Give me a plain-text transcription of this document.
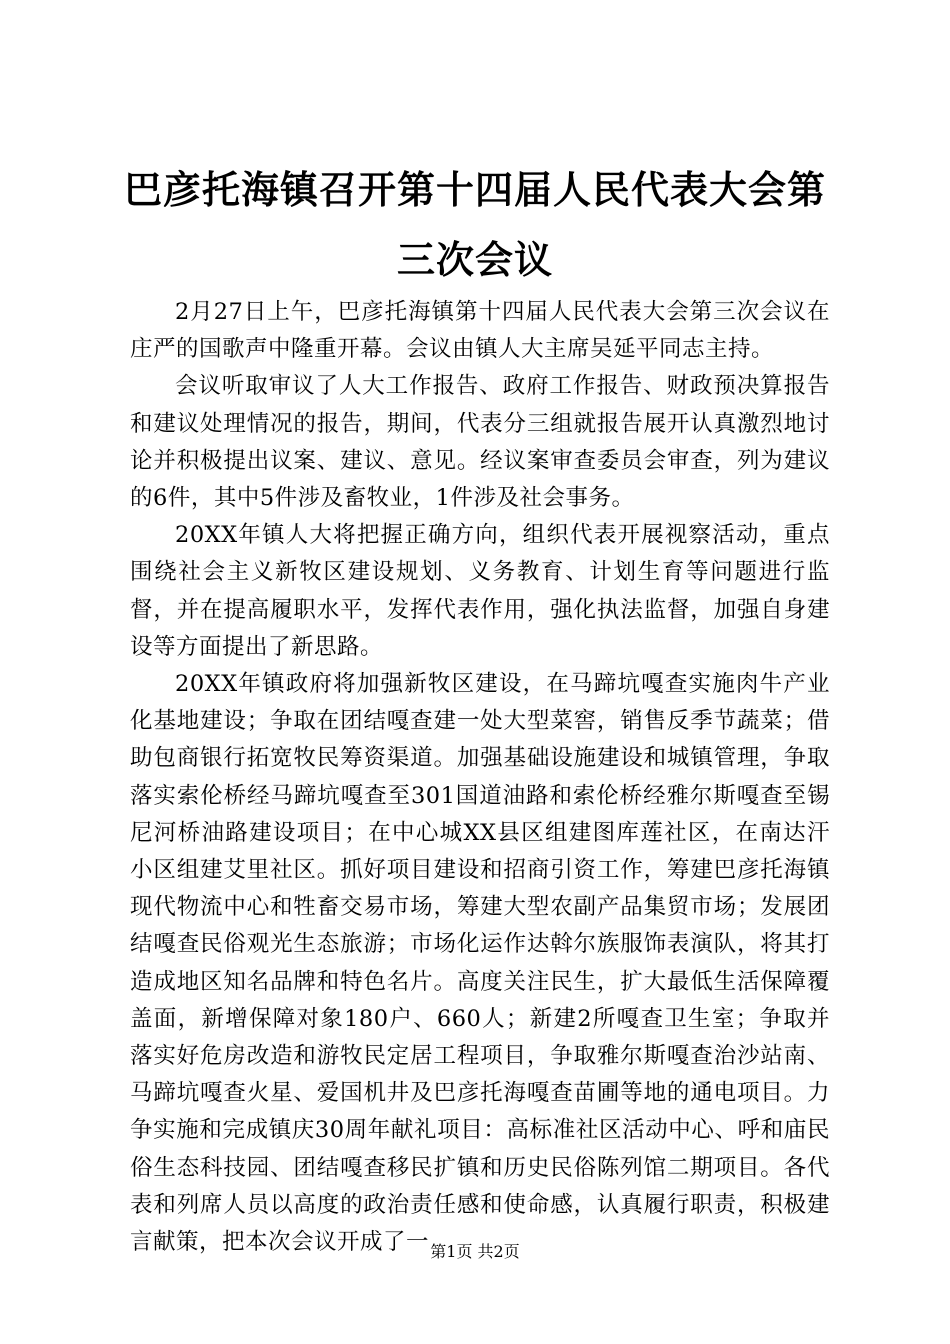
巴彦托海镇召开第十四届人民代表大会第三次会议

2月27日上午，巴彦托海镇第十四届人民代表大会第三次会议在庄严的国歌声中隆重开幕。会议由镇人大主席吴延平同志主持。

会议听取审议了人大工作报告、政府工作报告、财政预决算报告和建议处理情况的报告，期间，代表分三组就报告展开认真激烈地讨论并积极提出议案、建议、意见。经议案审查委员会审查，列为建议的6件，其中5件涉及畜牧业，1件涉及社会事务。

20XX年镇人大将把握正确方向，组织代表开展视察活动，重点围绕社会主义新牧区建设规划、义务教育、计划生育等问题进行监督，并在提高履职水平，发挥代表作用，强化执法监督，加强自身建设等方面提出了新思路。

20XX年镇政府将加强新牧区建设，在马蹄坑嘎查实施肉牛产业化基地建设；争取在团结嘎查建一处大型菜窖，销售反季节蔬菜；借助包商银行拓宽牧民筹资渠道。加强基础设施建设和城镇管理，争取落实索伦桥经马蹄坑嘎查至301国道油路和索伦桥经雅尔斯嘎查至锡尼河桥油路建设项目；在中心城XX县区组建图库莲社区，在南达汗小区组建艾里社区。抓好项目建设和招商引资工作，筹建巴彦托海镇现代物流中心和牲畜交易市场，筹建大型农副产品集贸市场；发展团结嘎查民俗观光生态旅游；市场化运作达斡尔族服饰表演队，将其打造成地区知名品牌和特色名片。高度关注民生，扩大最低生活保障覆盖面，新增保障对象180户、660人；新建2所嘎查卫生室；争取并落实好危房改造和游牧民定居工程项目，争取雅尔斯嘎查治沙站南、马蹄坑嘎查火星、爱国机井及巴彦托海嘎查苗圃等地的通电项目。力争实施和完成镇庆30周年献礼项目：高标准社区活动中心、呼和庙民俗生态科技园、团结嘎查移民扩镇和历史民俗陈列馆二期项目。各代表和列席人员以高度的政治责任感和使命感，认真履行职责，积极建言献策，把本次会议开成了一 第1页 共2页
